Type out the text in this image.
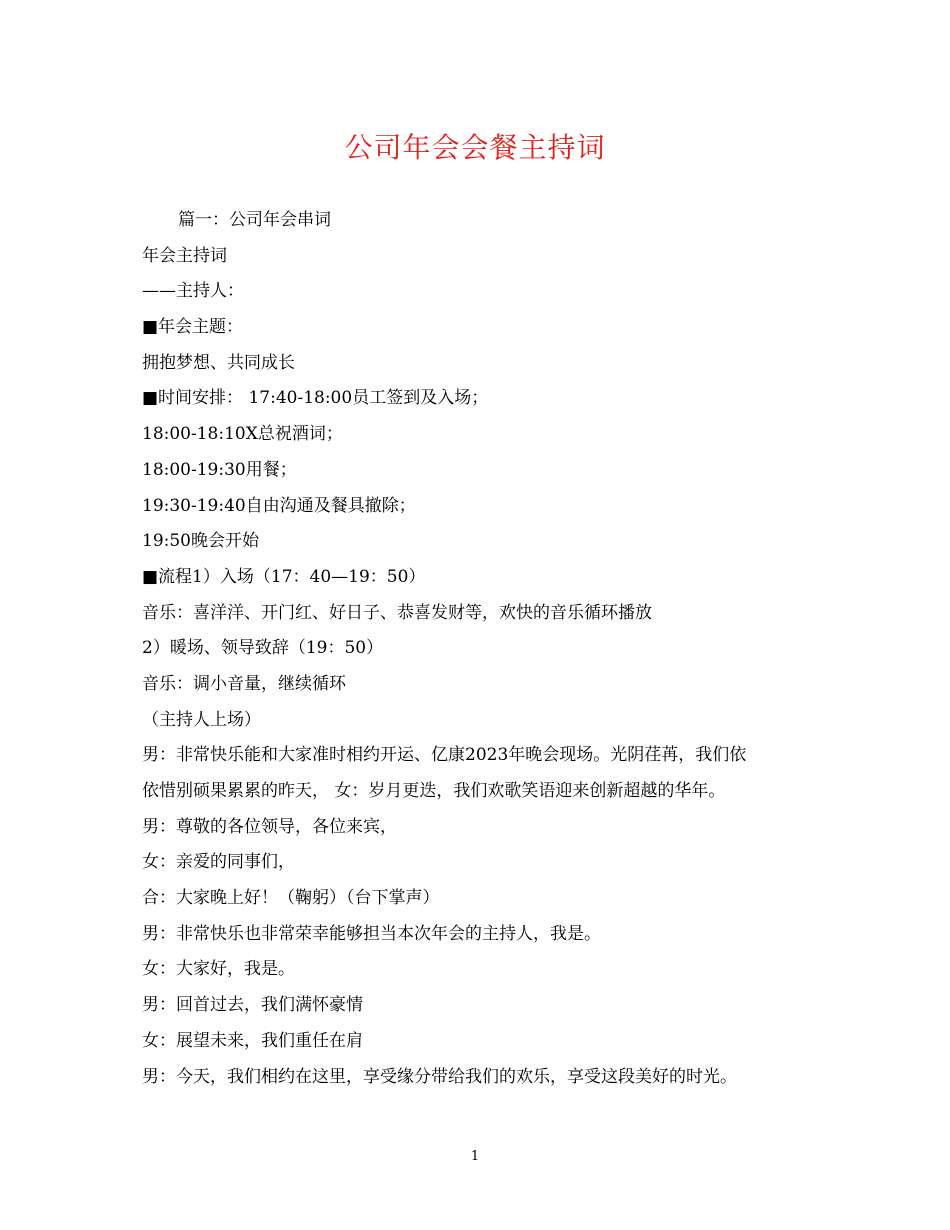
公司年会会餐主持词
篇一：公司年会串词
年会主持词
——主持人：
■年会主题：
拥抱梦想、共同成长
■时间安排： 17:40-18:00员工签到及入场；
18:00-18:10X总祝酒词；
18:00-19:30用餐；
19:30-19:40自由沟通及餐具撤除；
19:50晚会开始
■流程1）入场（17：40—19：50）
音乐：喜洋洋、开门红、好日子、恭喜发财等，欢快的音乐循环播放
2）暖场、领导致辞（19：50）
音乐：调小音量，继续循环
（主持人上场）
男：非常快乐能和大家准时相约开运、亿康2023年晚会现场。光阴荏苒，我们依
依惜别硕果累累的昨天， 女：岁月更迭，我们欢歌笑语迎来创新超越的华年。
男：尊敬的各位领导，各位来宾，
女：亲爱的同事们，
合：大家晚上好！（鞠躬）（台下掌声）
男：非常快乐也非常荣幸能够担当本次年会的主持人，我是。
女：大家好，我是。
男：回首过去，我们满怀豪情
女：展望未来，我们重任在肩
男：今天，我们相约在这里，享受缘分带给我们的欢乐，享受这段美好的时光。
1
